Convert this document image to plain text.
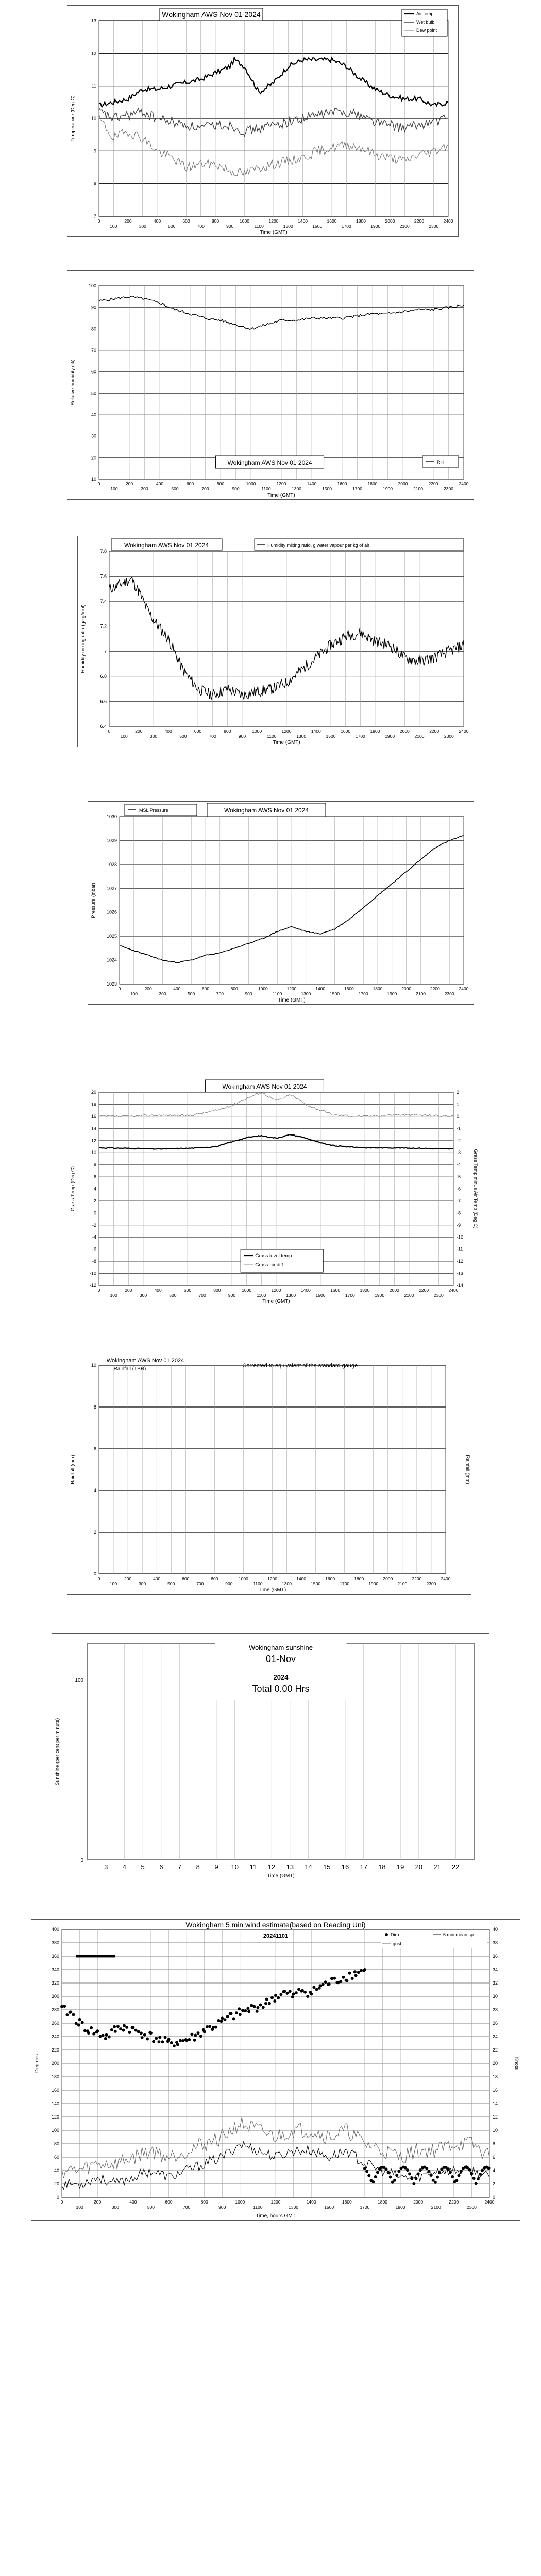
7
8
9
10
11
12
13
0
100
200
300
400
500
600
700
800
900
1000
1100
1200
1300
1400
1500
1600
1700
1800
1900
2000
2100
2200
2300
2400
Time (GMT)
Temperature (Deg C)
Wokingham AWS Nov 01 2024	Air temp
Wet bulb
Dew point
10
20
30
40
50
60
70
80
90
100
0
100
200
300
400
500
600
700
800
900
1000
1100
1200
1300
1400
1500
1600
1700
1800
1900
2000
2100
2200
2300
2400
Time (GMT)
Relative humidity (%)
Wokingham AWS Nov 01 2024	RH
6.4
6.6
6.8
7
7.2
7.4
7.6
7.8
0
100
200
300
400
500
600
700
800
900
1000
1100
1200
1300
1400
1500
1600
1700
1800
1900
2000
2100
2200
2300
2400
Time (GMT)
Humidity mixing ratio (g/kg/mol)
Wokingham AWS Nov 01 2024	Humidity mixing ratio, g water vapour per kg of air
1023
1024
1025
1026
1027
1028
1029
1030
0
100
200
300
400
500
600
700
800
900
1000
1100
1200
1300
1400
1500
1600
1700
1800
1900
2000
2100
2200
2300
2400
Time (GMT)
Pressure (mbar)
MSL Pressure	Wokingham AWS Nov 01 2024
-12
-10
-8
-6
-4
-2
0
2
4
6
8
10
12
14
16
18
20
0
100
200
300
400
500
600
700
800
900
1000
1100
1200
1300
1400
1500
1600
1700
1800
1900
2000
2100
2200
2300
2400
-14
-13
-12
-11
-10
-9
-8
-7
-6
-5
-4
-3
-2
-1
0
1
2
Time (GMT)
Grass Temp (Deg C)	Grass Temp minus Air Temp (Deg C)
Wokingham AWS Nov 01 2024
Grass level temp
Grass-air diff
0
2
4
6
8
10
0
100
200
300
400
500
600
700
800
900
1000
1100
1200
1300
1400
1500
1600
1700
1800
1900
2000
2100
2200
2300
2400
Time (GMT)
Rainfall (mm)	Rainfall (mm)
Wokingham AWS Nov 01 2024
Rainfall (TBR)
Corrected to equivalent of the standard gauge
Time (GMT)
Sunshine (per cent per minute)
3 4 5 6 7 8 9 10 11 12 13 14 15 16 17 18 19 20 21 22
0
100
Wokingham sunshine
01-Nov
2024
Total 0.00 Hrs
0
20
40
60
80
100
120
140
160
180
200
220
240
260
280
300
320
340
360
380
400
0
100
200
300
400
500
600
700
800
900
1000
1100
1200
1300
1400
1500
1600
1700
1800
1900
2000
2100
2200
2300
2400
0
2
4
6
8
10
12
14
16
18
20
22
24
26
28
30
32
34
36
38
40
Time, hours GMT
Degrees	Knots
Wokingham 5 min wind estimate(based on Reading Uni)
20241101	Dirn	5 min mean sp
gust
